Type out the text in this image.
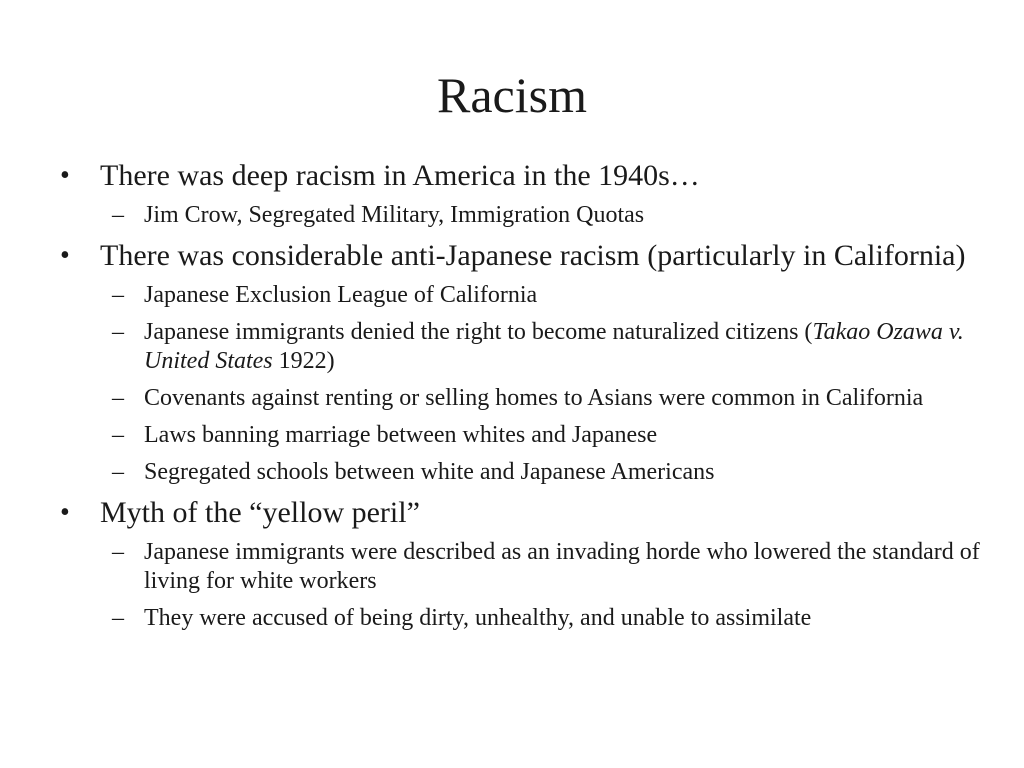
Racism
• There was deep racism in America in the 1940s…
– Jim Crow, Segregated Military, Immigration Quotas
• There was considerable anti-Japanese racism (particularly in California)
– Japanese Exclusion League of California
– Japanese immigrants denied the right to become naturalized citizens (Takao Ozawa v. United States 1922)
– Covenants against renting or selling homes to Asians were common in California
– Laws banning marriage between whites and Japanese
– Segregated schools between white and Japanese Americans
• Myth of the “yellow peril”
– Japanese immigrants were described as an invading horde who lowered the standard of living for white workers
– They were accused of being dirty, unhealthy, and unable to assimilate
